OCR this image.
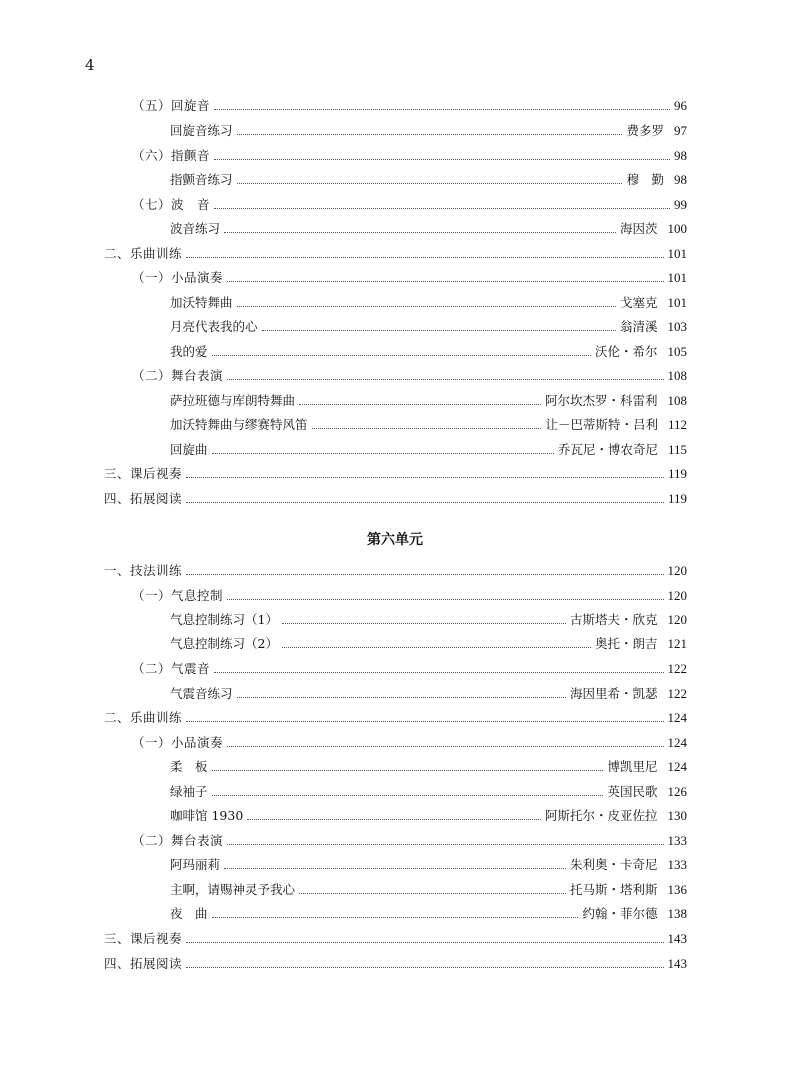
4
（五）回旋音	96
回旋音练习	费多罗 97
（六）指颤音	98
指颤音练习	穆　勤 98
（七）波　音	99
波音练习	海因茨 100
二、乐曲训练	101
（一）小品演奏	101
加沃特舞曲	戈塞克 101
月亮代表我的心	翁清溪 103
我的爱	沃伦・希尔 105
（二）舞台表演	108
萨拉班德与库朗特舞曲	阿尔坎杰罗・科雷利 108
加沃特舞曲与缪赛特风笛	让－巴蒂斯特・吕利 112
回旋曲	乔瓦尼・博农奇尼 115
三、课后视奏	119
四、拓展阅读	119
第六单元
一、技法训练	120
（一）气息控制	120
气息控制练习（1）	古斯塔夫・欣克 120
气息控制练习（2）	奥托・朗吉 121
（二）气震音	122
气震音练习	海因里希・凯瑟 122
二、乐曲训练	124
（一）小品演奏	124
柔　板	博凯里尼 124
绿袖子	英国民歌 126
咖啡馆 1930	阿斯托尔・皮亚佐拉 130
（二）舞台表演	133
阿玛丽莉	朱利奥・卡奇尼 133
主啊，请赐神灵予我心	托马斯・塔利斯 136
夜　曲	约翰・菲尔德 138
三、课后视奏	143
四、拓展阅读	143
